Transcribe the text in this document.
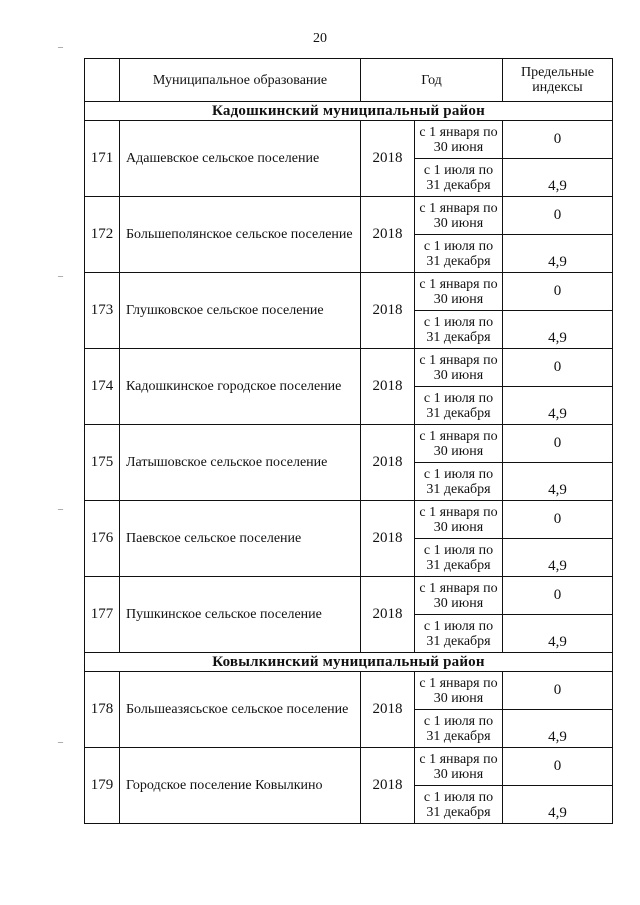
20
–
–
–
–
	Муниципальное образование	Год		Предельные индексы
Кадошкинский муниципальный район				
171	Адашевское сельское поселение	2018	с 1 января по 30 июня	0
			с 1 июля по 31 декабря	4,9
172	Большеполянское сельское поселение	2018	с 1 января по 30 июня	0
			с 1 июля по 31 декабря	4,9
173	Глушковское сельское поселение	2018	с 1 января по 30 июня	0
			с 1 июля по 31 декабря	4,9
174	Кадошкинское городское поселение	2018	с 1 января по 30 июня	0
			с 1 июля по 31 декабря	4,9
175	Латышовское сельское поселение	2018	с 1 января по 30 июня	0
			с 1 июля по 31 декабря	4,9
176	Паевское сельское поселение	2018	с 1 января по 30 июня	0
			с 1 июля по 31 декабря	4,9
177	Пушкинское сельское поселение	2018	с 1 января по 30 июня	0
			с 1 июля по 31 декабря	4,9
Ковылкинский муниципальный район				
178	Большеазясьское сельское поселение	2018	с 1 января по 30 июня	0
			с 1 июля по 31 декабря	4,9
179	Городское поселение Ковылкино	2018	с 1 января по 30 июня	0
			с 1 июля по 31 декабря	4,9
